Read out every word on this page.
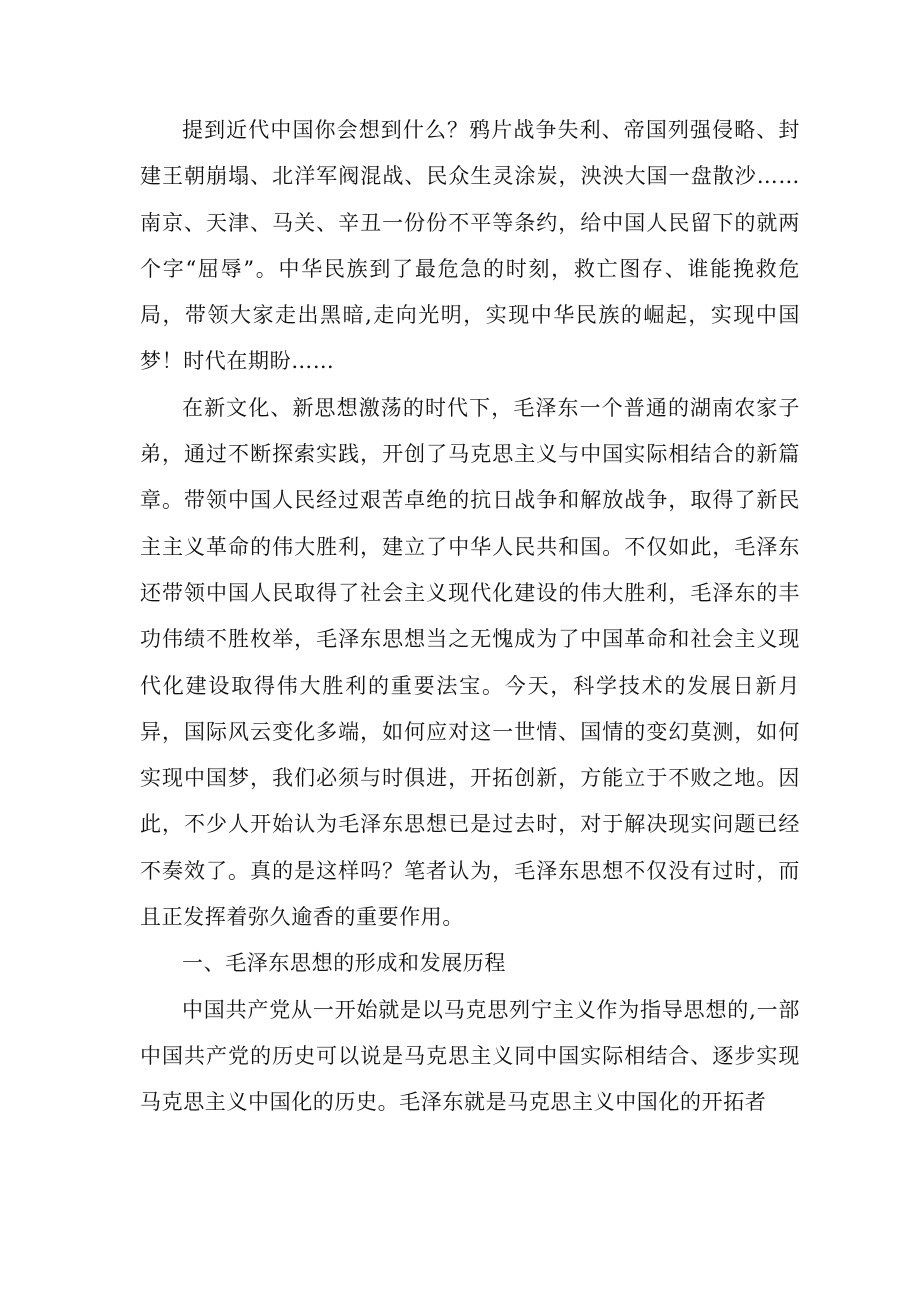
提到近代中国你会想到什么？鸦片战争失利、帝国列强侵略、封建王朝崩塌、北洋军阀混战、民众生灵涂炭，泱泱大国一盘散沙……南京、天津、马关、辛丑一份份不平等条约，给中国人民留下的就两个字“屈辱”。中华民族到了最危急的时刻，救亡图存、谁能挽救危局，带领大家走出黑暗,走向光明，实现中华民族的崛起，实现中国梦！时代在期盼……

在新文化、新思想激荡的时代下，毛泽东一个普通的湖南农家子弟，通过不断探索实践，开创了马克思主义与中国实际相结合的新篇章。带领中国人民经过艰苦卓绝的抗日战争和解放战争，取得了新民主主义革命的伟大胜利，建立了中华人民共和国。不仅如此，毛泽东还带领中国人民取得了社会主义现代化建设的伟大胜利，毛泽东的丰功伟绩不胜枚举，毛泽东思想当之无愧成为了中国革命和社会主义现代化建设取得伟大胜利的重要法宝。今天，科学技术的发展日新月异，国际风云变化多端，如何应对这一世情、国情的变幻莫测，如何实现中国梦，我们必须与时俱进，开拓创新，方能立于不败之地。因此，不少人开始认为毛泽东思想已是过去时，对于解决现实问题已经不奏效了。真的是这样吗？笔者认为，毛泽东思想不仅没有过时，而且正发挥着弥久逾香的重要作用。

一、毛泽东思想的形成和发展历程

中国共产党从一开始就是以马克思列宁主义作为指导思想的,一部中国共产党的历史可以说是马克思主义同中国实际相结合、逐步实现马克思主义中国化的历史。毛泽东就是马克思主义中国化的开拓者
